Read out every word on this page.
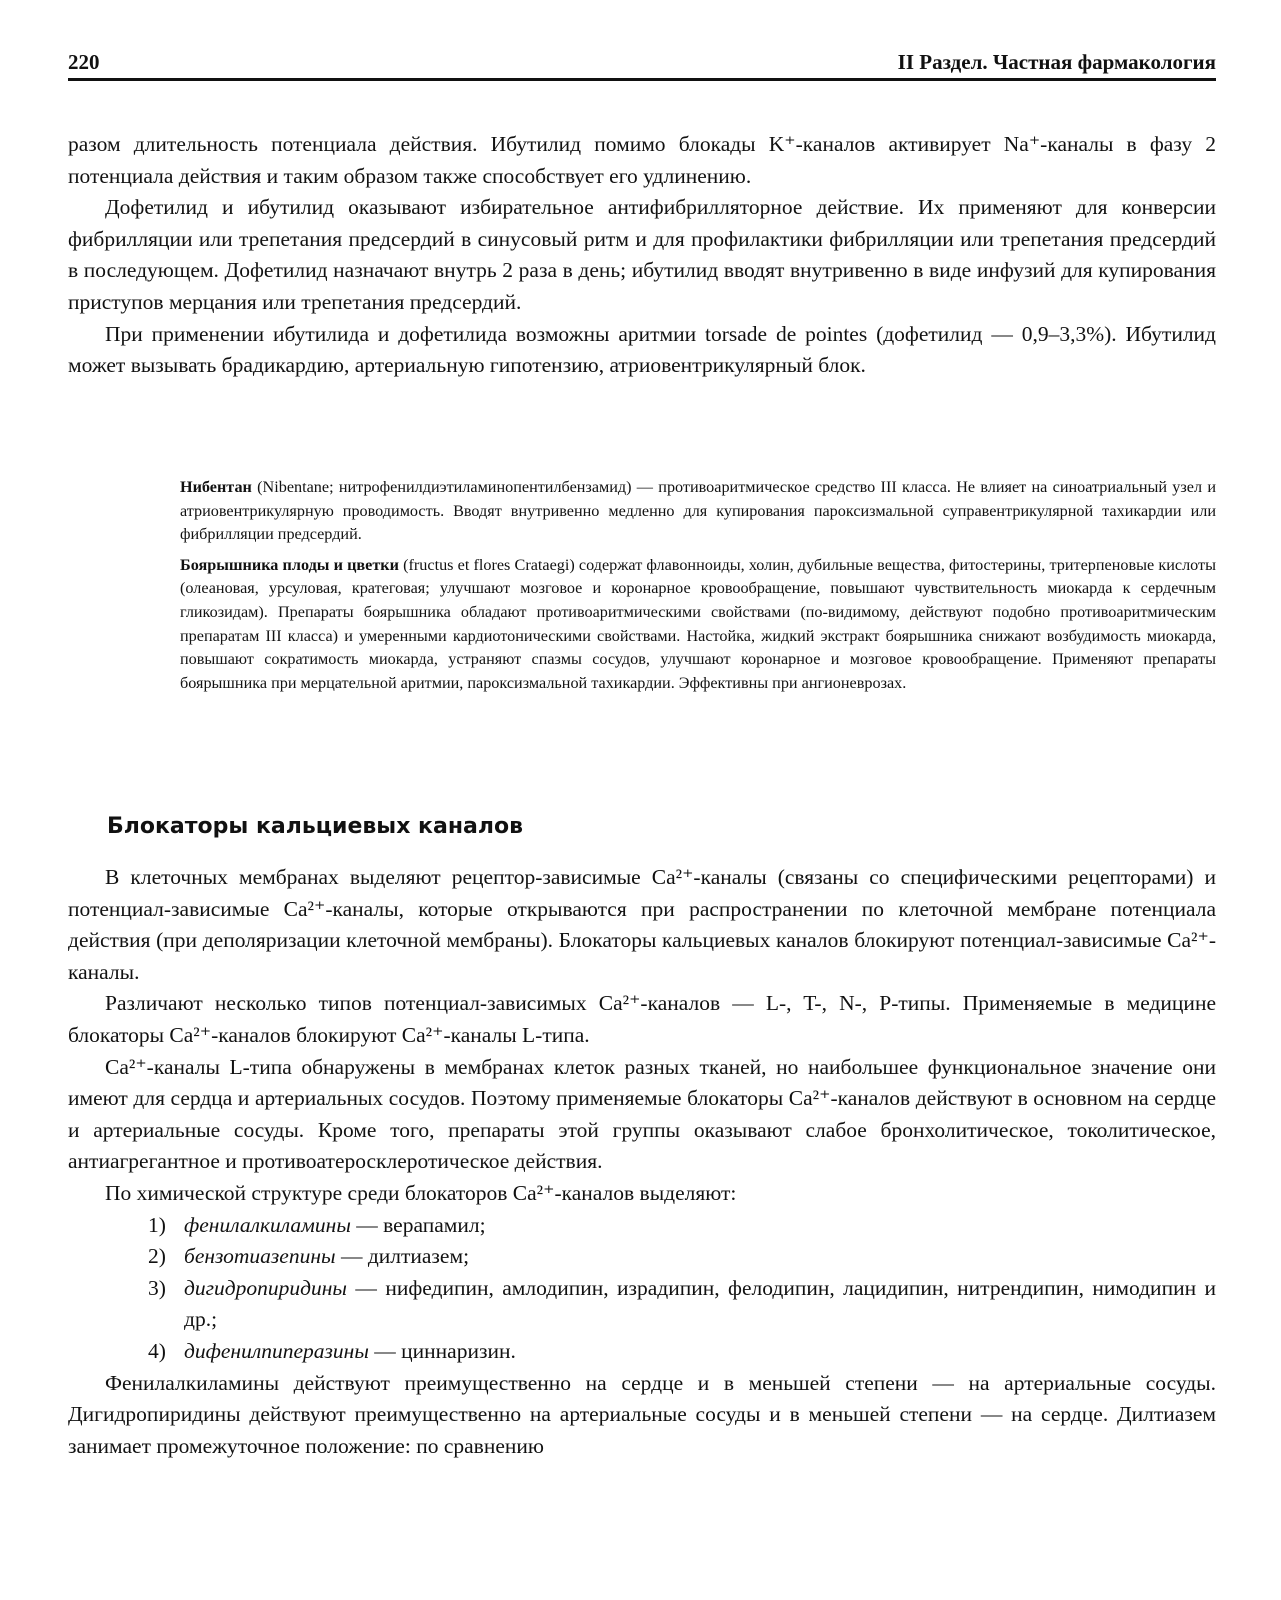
220	II Раздел. Частная фармакология

разом длительность потенциала действия. Ибутилид помимо блокады K⁺-каналов активирует Na⁺-каналы в фазу 2 потенциала действия и таким образом также способствует его удлинению.

Дофетилид и ибутилид оказывают избирательное антифибрилляторное действие. Их применяют для конверсии фибрилляции или трепетания предсердий в синусовый ритм и для профилактики фибрилляции или трепетания предсердий в последующем. Дофетилид назначают внутрь 2 раза в день; ибутилид вводят внутривенно в виде инфузий для купирования приступов мерцания или трепетания предсердий.

При применении ибутилида и дофетилида возможны аритмии torsade de pointes (дофетилид — 0,9–3,3%). Ибутилид может вызывать брадикардию, артериальную гипотензию, атриовентрикулярный блок.

Нибентан (Nibentane; нитрофенилдиэтиламинопентилбензамид) — противоаритмическое средство III класса. Не влияет на синоатриальный узел и атриовентрикулярную проводимость. Вводят внутривенно медленно для купирования пароксизмальной суправентрикулярной тахикардии или фибрилляции предсердий.

Боярышника плоды и цветки (fructus et flores Crataegi) содержат флавонноиды, холин, дубильные вещества, фитостерины, тритерпеновые кислоты (олеановая, урсуловая, кратеговая; улучшают мозговое и коронарное кровообращение, повышают чувствительность миокарда к сердечным гликозидам). Препараты боярышника обладают противоаритмическими свойствами (по-видимому, действуют подобно противоаритмическим препаратам III класса) и умеренными кардиотоническими свойствами. Настойка, жидкий экстракт боярышника снижают возбудимость миокарда, повышают сократимость миокарда, устраняют спазмы сосудов, улучшают коронарное и мозговое кровообращение. Применяют препараты боярышника при мерцательной аритмии, пароксизмальной тахикардии. Эффективны при ангионеврозах.

Блокаторы кальциевых каналов

В клеточных мембранах выделяют рецептор-зависимые Ca²⁺-каналы (связаны со специфическими рецепторами) и потенциал-зависимые Ca²⁺-каналы, которые открываются при распространении по клеточной мембране потенциала действия (при деполяризации клеточной мембраны). Блокаторы кальциевых каналов блокируют потенциал-зависимые Ca²⁺-каналы.

Различают несколько типов потенциал-зависимых Ca²⁺-каналов — L-, T-, N-, P-типы. Применяемые в медицине блокаторы Ca²⁺-каналов блокируют Ca²⁺-каналы L-типа.

Ca²⁺-каналы L-типа обнаружены в мембранах клеток разных тканей, но наибольшее функциональное значение они имеют для сердца и артериальных сосудов. Поэтому применяемые блокаторы Ca²⁺-каналов действуют в основном на сердце и артериальные сосуды. Кроме того, препараты этой группы оказывают слабое бронхолитическое, токолитическое, антиагрегантное и противоатеросклеротическое действия.

По химической структуре среди блокаторов Ca²⁺-каналов выделяют:

1) фенилалкиламины — верапамил;
2) бензотиазепины — дилтиазем;
3) дигидропиридины — нифедипин, амлодипин, израдипин, фелодипин, лацидипин, нитрендипин, нимодипин и др.;
4) дифенилпиперазины — циннаризин.

Фенилалкиламины действуют преимущественно на сердце и в меньшей степени — на артериальные сосуды. Дигидропиридины действуют преимущественно на артериальные сосуды и в меньшей степени — на сердце. Дилтиазем занимает промежуточное положение: по сравнению
